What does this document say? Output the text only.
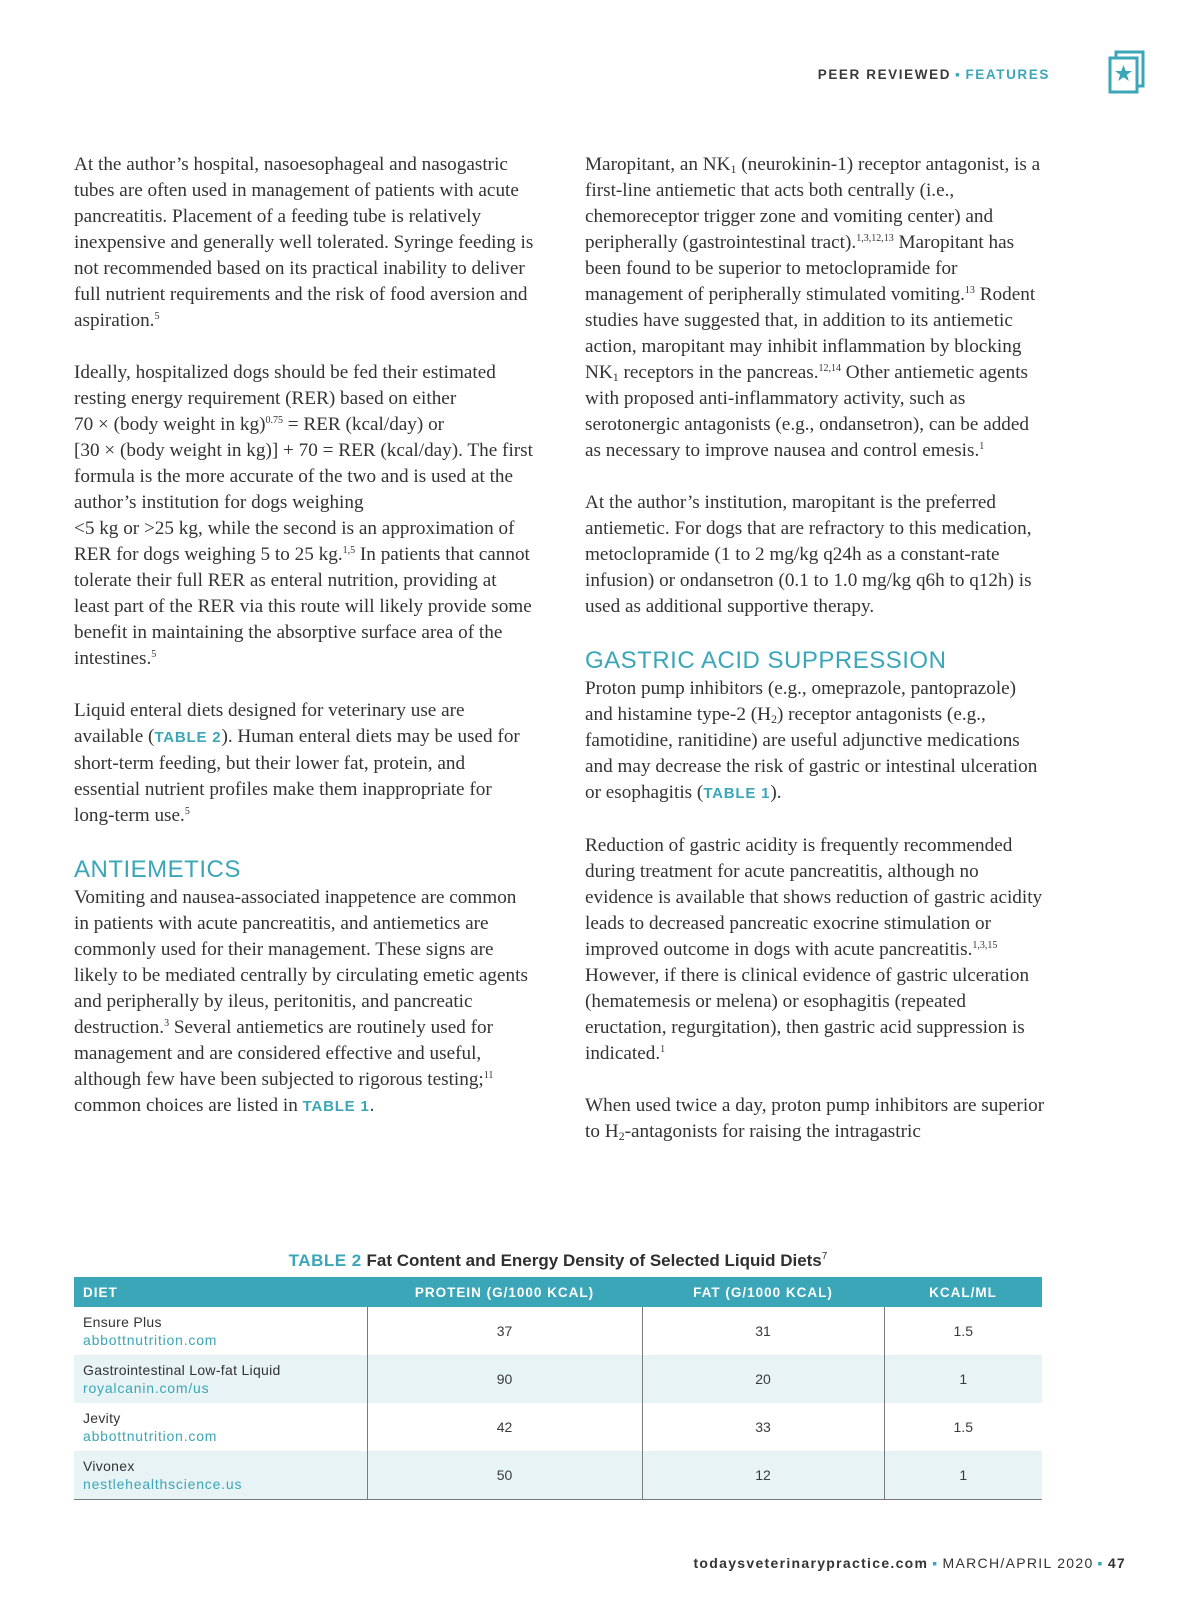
PEER REVIEWED ▪ FEATURES

At the author’s hospital, nasoesophageal and nasogastric tubes are often used in management of patients with acute pancreatitis. Placement of a feeding tube is relatively inexpensive and generally well tolerated. Syringe feeding is not recommended based on its practical inability to deliver full nutrient requirements and the risk of food aversion and aspiration.$^5$

Ideally, hospitalized dogs should be fed their estimated resting energy requirement (RER) based on either
70 × (body weight in kg)$^{0.75}$ = RER (kcal/day) or
[30 × (body weight in kg)] + 70 = RER (kcal/day). The first formula is the more accurate of the two and is used at the author’s institution for dogs weighing
<5 kg or >25 kg, while the second is an approximation of RER for dogs weighing 5 to 25 kg.$^{1,5}$ In patients that cannot tolerate their full RER as enteral nutrition, providing at least part of the RER via this route will likely provide some benefit in maintaining the absorptive surface area of the intestines.$^5$

Liquid enteral diets designed for veterinary use are available (TABLE 2). Human enteral diets may be used for short-term feeding, but their lower fat, protein, and essential nutrient profiles make them inappropriate for long-term use.$^5$

ANTIEMETICS

Vomiting and nausea-associated inappetence are common in patients with acute pancreatitis, and antiemetics are commonly used for their management. These signs are likely to be mediated centrally by circulating emetic agents and peripherally by ileus, peritonitis, and pancreatic destruction.$^3$ Several antiemetics are routinely used for management and are considered effective and useful, although few have been subjected to rigorous testing;$^{11}$ common choices are listed in TABLE 1.

Maropitant, an $NK_1$ (neurokinin-1) receptor antagonist, is a first-line antiemetic that acts both centrally (i.e., chemoreceptor trigger zone and vomiting center) and peripherally (gastrointestinal tract).$^{1,3,12,13}$ Maropitant has been found to be superior to metoclopramide for management of peripherally stimulated vomiting.$^{13}$ Rodent studies have suggested that, in addition to its antiemetic action, maropitant may inhibit inflammation by blocking $NK_1$ receptors in the pancreas.$^{12,14}$ Other antiemetic agents with proposed anti-inflammatory activity, such as serotonergic antagonists (e.g., ondansetron), can be added as necessary to improve nausea and control emesis.$^1$

At the author’s institution, maropitant is the preferred antiemetic. For dogs that are refractory to this medication, metoclopramide (1 to 2 mg/kg q24h as a constant-rate infusion) or ondansetron (0.1 to 1.0 mg/kg q6h to q12h) is used as additional supportive therapy.

GASTRIC ACID SUPPRESSION

Proton pump inhibitors (e.g., omeprazole, pantoprazole) and histamine type-2 $(H_2)$ receptor antagonists (e.g., famotidine, ranitidine) are useful adjunctive medications and may decrease the risk of gastric or intestinal ulceration or esophagitis (TABLE 1).

Reduction of gastric acidity is frequently recommended during treatment for acute pancreatitis, although no evidence is available that shows reduction of gastric acidity leads to decreased pancreatic exocrine stimulation or improved outcome in dogs with acute pancreatitis.$^{1,3,15}$ However, if there is clinical evidence of gastric ulceration (hematemesis or melena) or esophagitis (repeated eructation, regurgitation), then gastric acid suppression is indicated.$^1$

When used twice a day, proton pump inhibitors are superior to $H_2$-antagonists for raising the intragastric

TABLE 2 Fat Content and Energy Density of Selected Liquid Diets$^7$
DIET	PROTEIN (G/1000 KCAL)	FAT (G/1000 KCAL)	KCAL/ML
Ensure Plus
abbottnutrition.com	37	31	1.5
Gastrointestinal Low-fat Liquid
royalcanin.com/us	90	20	1
Jevity
abbottnutrition.com	42	33	1.5
Vivonex
nestlehealthscience.us	50	12	1
todaysveterinarypractice.com ▪ MARCH/APRIL 2020 ▪ 47
